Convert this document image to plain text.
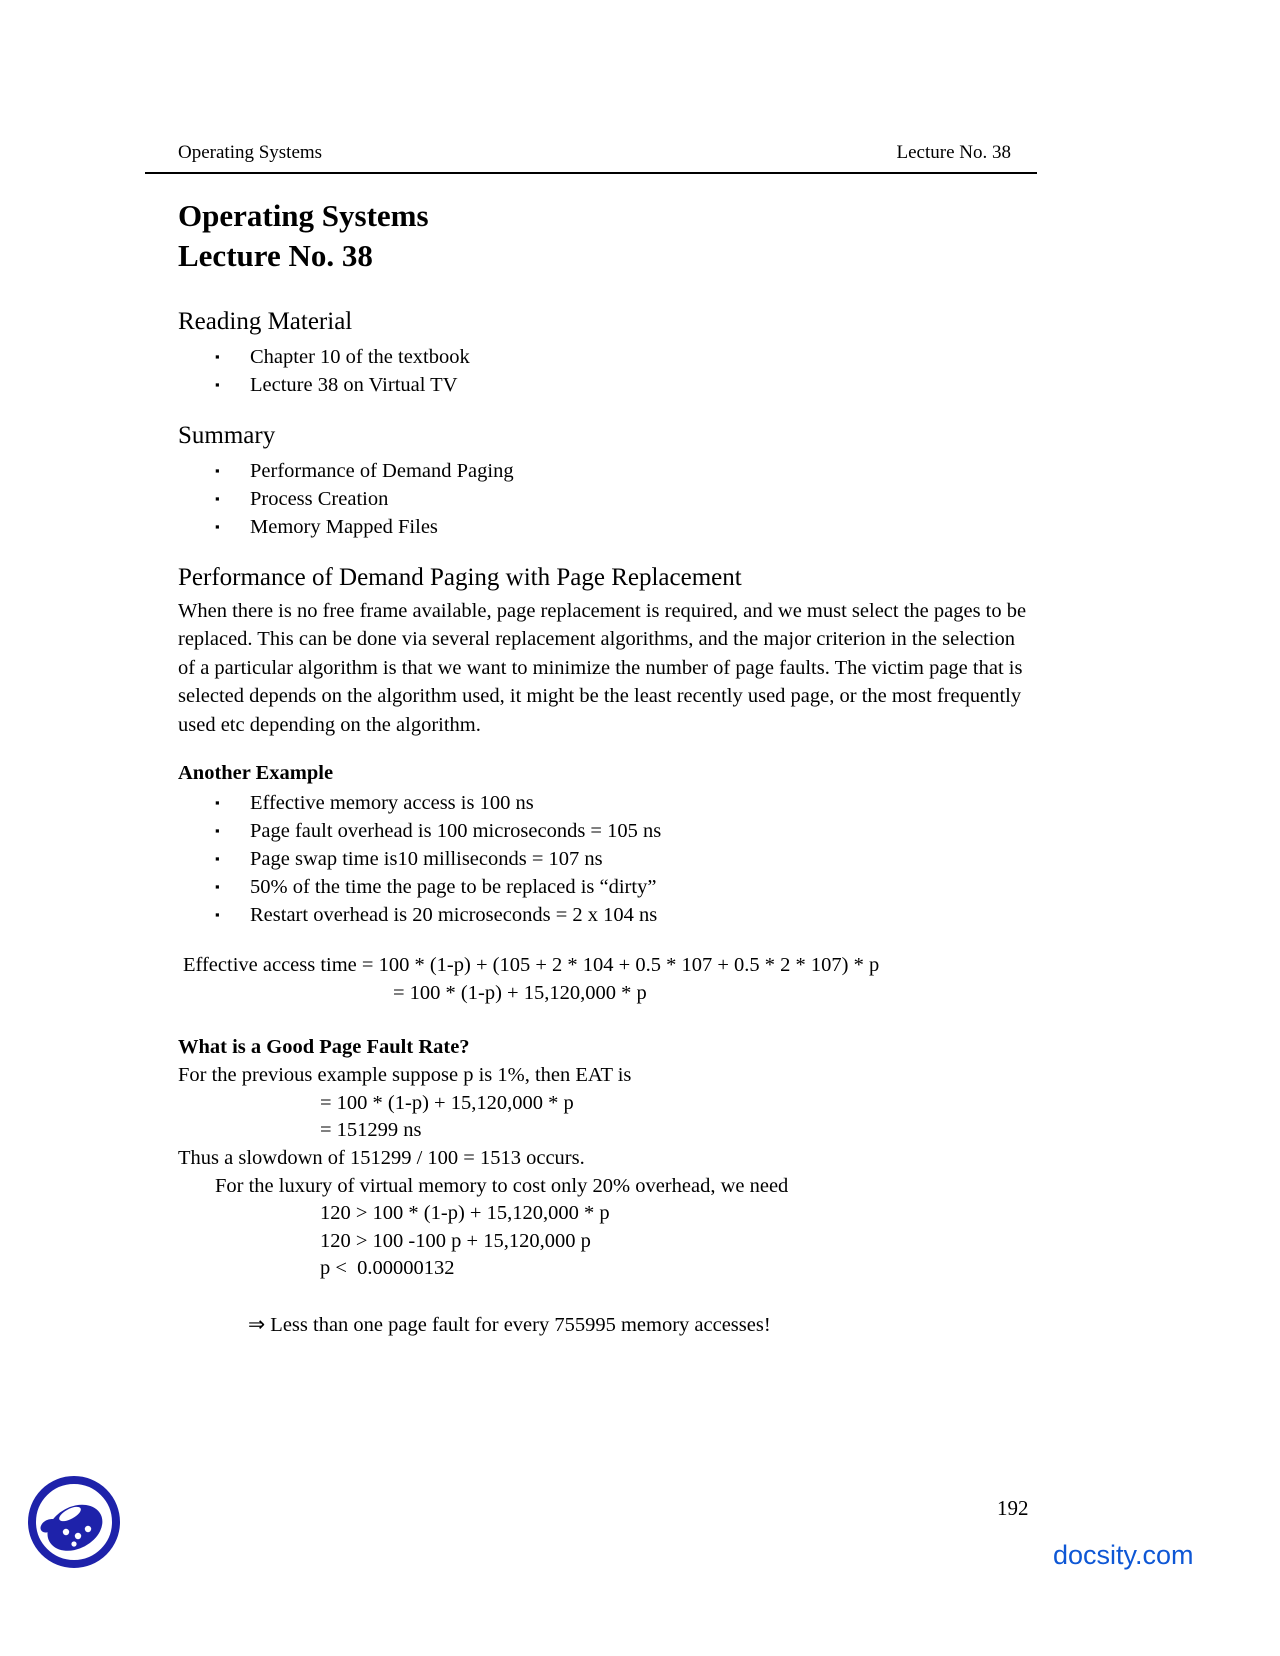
Operating Systems	Lecture No. 38
Operating Systems
Lecture No. 38
Reading Material
▪	Chapter 10 of the textbook
▪	Lecture 38 on Virtual TV
Summary
▪	Performance of Demand Paging
▪	Process Creation
▪	Memory Mapped Files
Performance of Demand Paging with Page Replacement

When there is no free frame available, page replacement is required, and we must select the pages to be replaced. This can be done via several replacement algorithms, and the major criterion in the selection of a particular algorithm is that we want to minimize the number of page faults. The victim page that is selected depends on the algorithm used, it might be the least recently used page, or the most frequently used etc depending on the algorithm.

Another Example
▪	Effective memory access is 100 ns
▪	Page fault overhead is 100 microseconds = 105 ns
▪	Page swap time is10 milliseconds = 107 ns
▪	50% of the time the page to be replaced is “dirty”
▪	Restart overhead is 20 microseconds = 2 x 104 ns
Effective access time = 100 * (1-p) + (105 + 2 * 104 + 0.5 * 107 + 0.5 * 2 * 107) * p
= 100 * (1-p) + 15,120,000 * p
What is a Good Page Fault Rate?
For the previous example suppose p is 1%, then EAT is
= 100 * (1-p) + 15,120,000 * p
= 151299 ns
Thus a slowdown of 151299 / 100 = 1513 occurs.
For the luxury of virtual memory to cost only 20% overhead, we need
120 > 100 * (1-p) + 15,120,000 * p
120 > 100 -100 p + 15,120,000 p
p <  0.00000132
⇒ Less than one page fault for every 755995 memory accesses!
192
docsity.com
